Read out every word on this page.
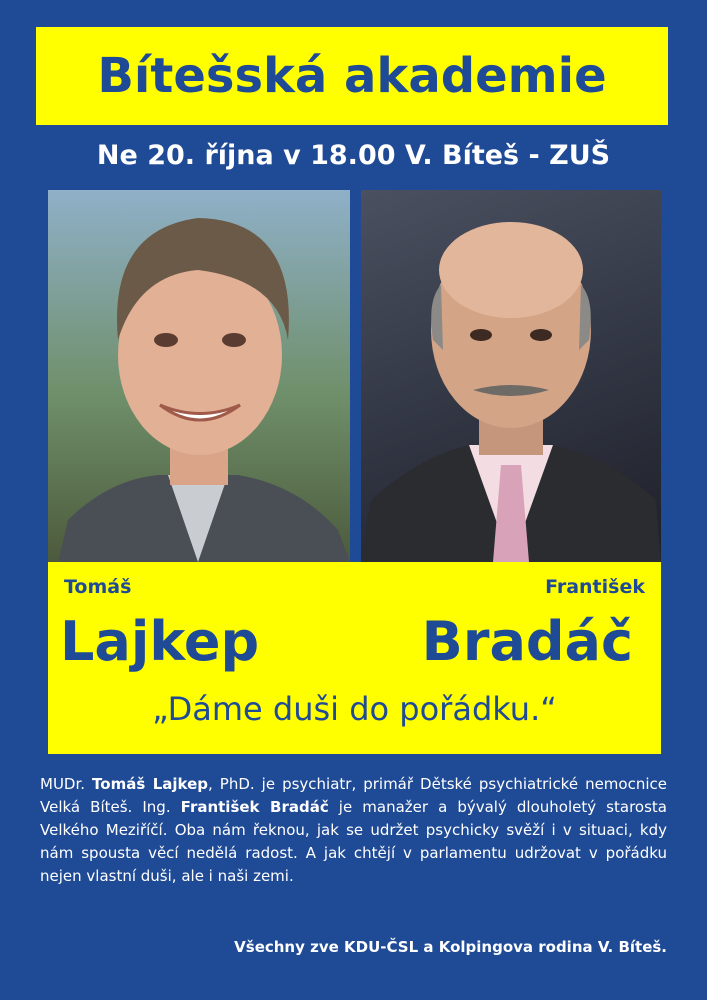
Bítešská akademie
Ne 20. října v 18.00 V. Bíteš - ZUŠ
Tomáš	František
Lajkep	Bradáč
„Dáme duši do pořádku.“
MUDr. Tomáš Lajkep, PhD. je psychiatr, primář Dětské psychiatrické nemocnice Velká Bíteš. Ing. František Bradáč je manažer a bývalý dlouholetý starosta Velkého Meziříčí. Oba nám řeknou, jak se udržet psychicky svěží i v situaci, kdy nám spousta věcí nedělá radost. A jak chtějí v parlamentu udržovat v pořádku nejen vlastní duši, ale i naši zemi.
Všechny zve KDU-ČSL a Kolpingova rodina V. Bíteš.
